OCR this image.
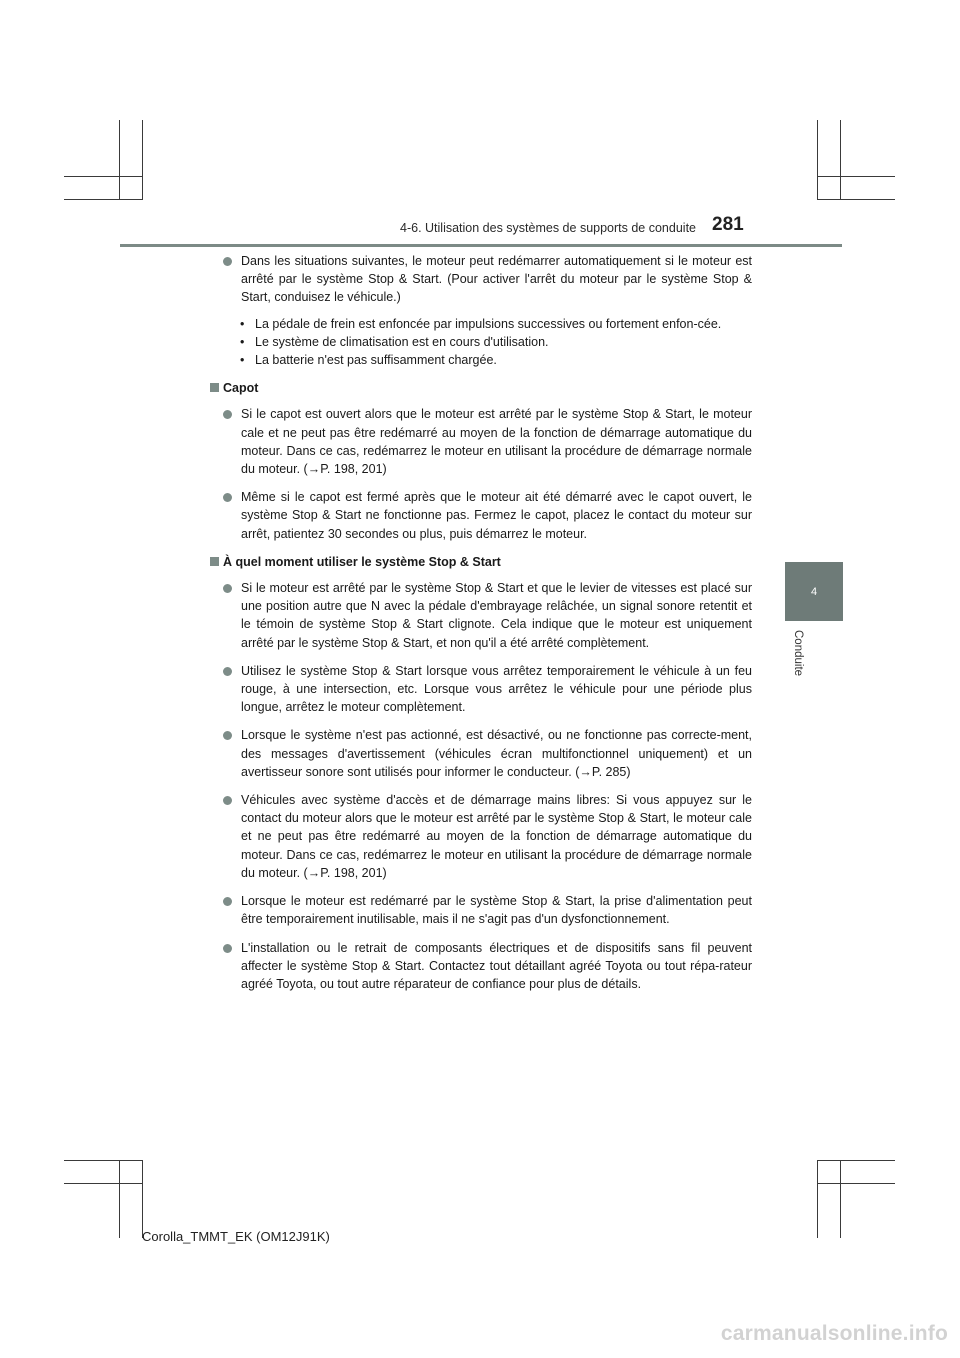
4-6. Utilisation des systèmes de supports de conduite 281
4
Conduite
Dans les situations suivantes, le moteur peut redémarrer automatiquement si le moteur est arrêté par le système Stop & Start. (Pour activer l'arrêt du moteur par le système Stop & Start, conduisez le véhicule.)
• La pédale de frein est enfoncée par impulsions successives ou fortement enfon-cée.
• Le système de climatisation est en cours d'utilisation.
• La batterie n'est pas suffisamment chargée.
Capot
Si le capot est ouvert alors que le moteur est arrêté par le système Stop & Start, le moteur cale et ne peut pas être redémarré au moyen de la fonction de démarrage automatique du moteur. Dans ce cas, redémarrez le moteur en utilisant la procédure de démarrage normale du moteur. (→P. 198, 201)
Même si le capot est fermé après que le moteur ait été démarré avec le capot ouvert, le système Stop & Start ne fonctionne pas. Fermez le capot, placez le contact du moteur sur arrêt, patientez 30 secondes ou plus, puis démarrez le moteur.
À quel moment utiliser le système Stop & Start
Si le moteur est arrêté par le système Stop & Start et que le levier de vitesses est placé sur une position autre que N avec la pédale d'embrayage relâchée, un signal sonore retentit et le témoin de système Stop & Start clignote. Cela indique que le moteur est uniquement arrêté par le système Stop & Start, et non qu'il a été arrêté complètement.
Utilisez le système Stop & Start lorsque vous arrêtez temporairement le véhicule à un feu rouge, à une intersection, etc. Lorsque vous arrêtez le véhicule pour une période plus longue, arrêtez le moteur complètement.
Lorsque le système n'est pas actionné, est désactivé, ou ne fonctionne pas correcte-ment, des messages d'avertissement (véhicules écran multifonctionnel uniquement) et un avertisseur sonore sont utilisés pour informer le conducteur. (→P. 285)
Véhicules avec système d'accès et de démarrage mains libres: Si vous appuyez sur le contact du moteur alors que le moteur est arrêté par le système Stop & Start, le moteur cale et ne peut pas être redémarré au moyen de la fonction de démarrage automatique du moteur. Dans ce cas, redémarrez le moteur en utilisant la procédure de démarrage normale du moteur. (→P. 198, 201)
Lorsque le moteur est redémarré par le système Stop & Start, la prise d'alimentation peut être temporairement inutilisable, mais il ne s'agit pas d'un dysfonctionnement.
L'installation ou le retrait de composants électriques et de dispositifs sans fil peuvent affecter le système Stop & Start. Contactez tout détaillant agréé Toyota ou tout répa-rateur agréé Toyota, ou tout autre réparateur de confiance pour plus de détails.
Corolla_TMMT_EK (OM12J91K)
carmanualsonline.info
